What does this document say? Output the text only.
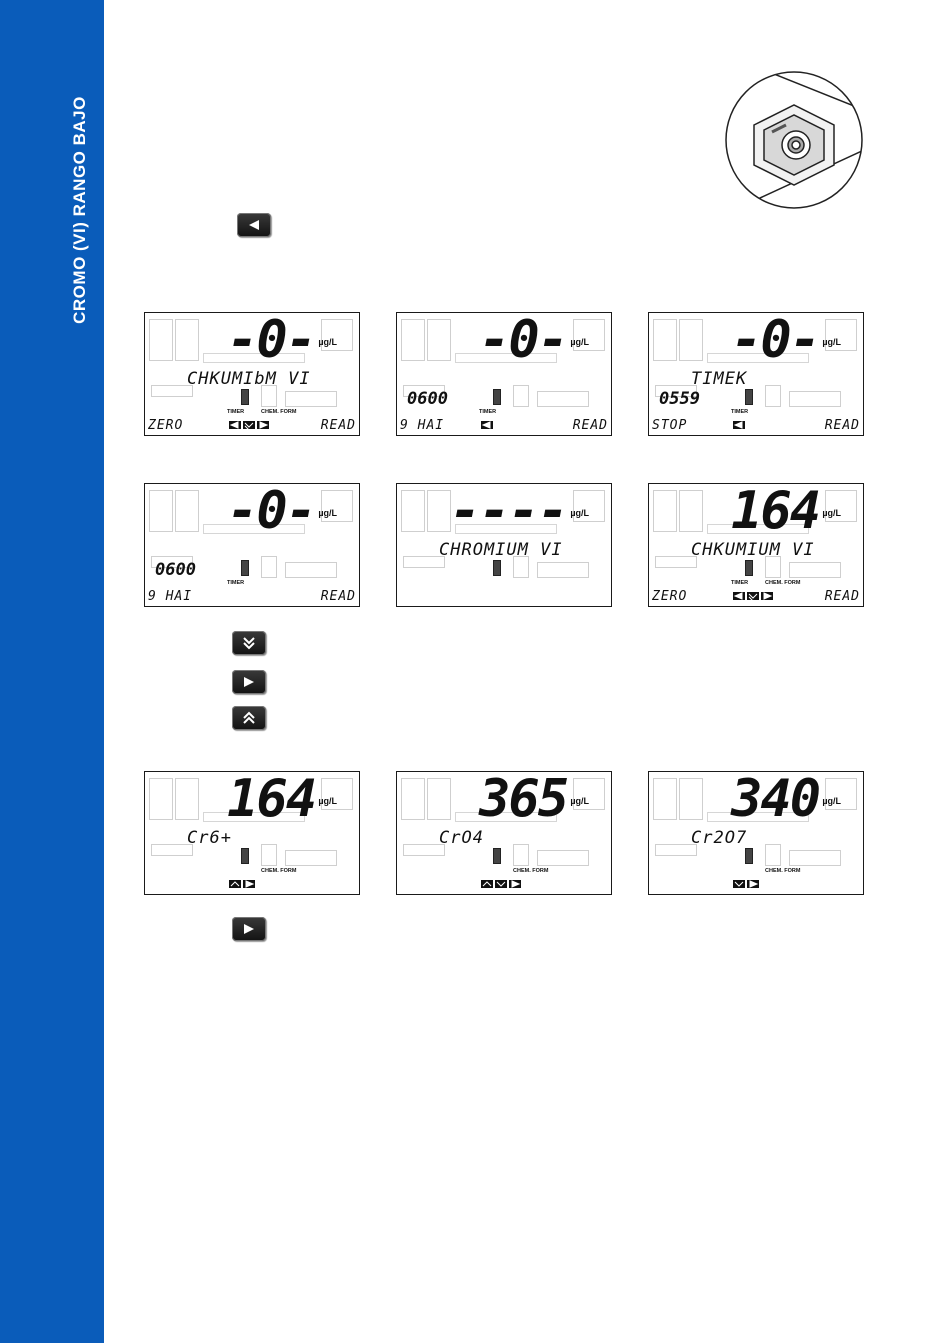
CROMO (VI) RANGO BAJO
-0- µg/L
CHKUMIbM VI
ZERO	READ
TIMER	CHEM. FORM
-0- µg/L
0600
9 HAI	READ
TIMER
-0- µg/L
TIMEK
0559
STOP	READ
TIMER
-0- µg/L
0600
9 HAI	READ
TIMER
---- µg/L
CHROMIUM VI
164 µg/L
CHKUMIUM VI
ZERO	READ
TIMER	CHEM. FORM
164 µg/L
Cr6+
CHEM. FORM
365 µg/L
CrO4
CHEM. FORM
340 µg/L
Cr2O7
CHEM. FORM
